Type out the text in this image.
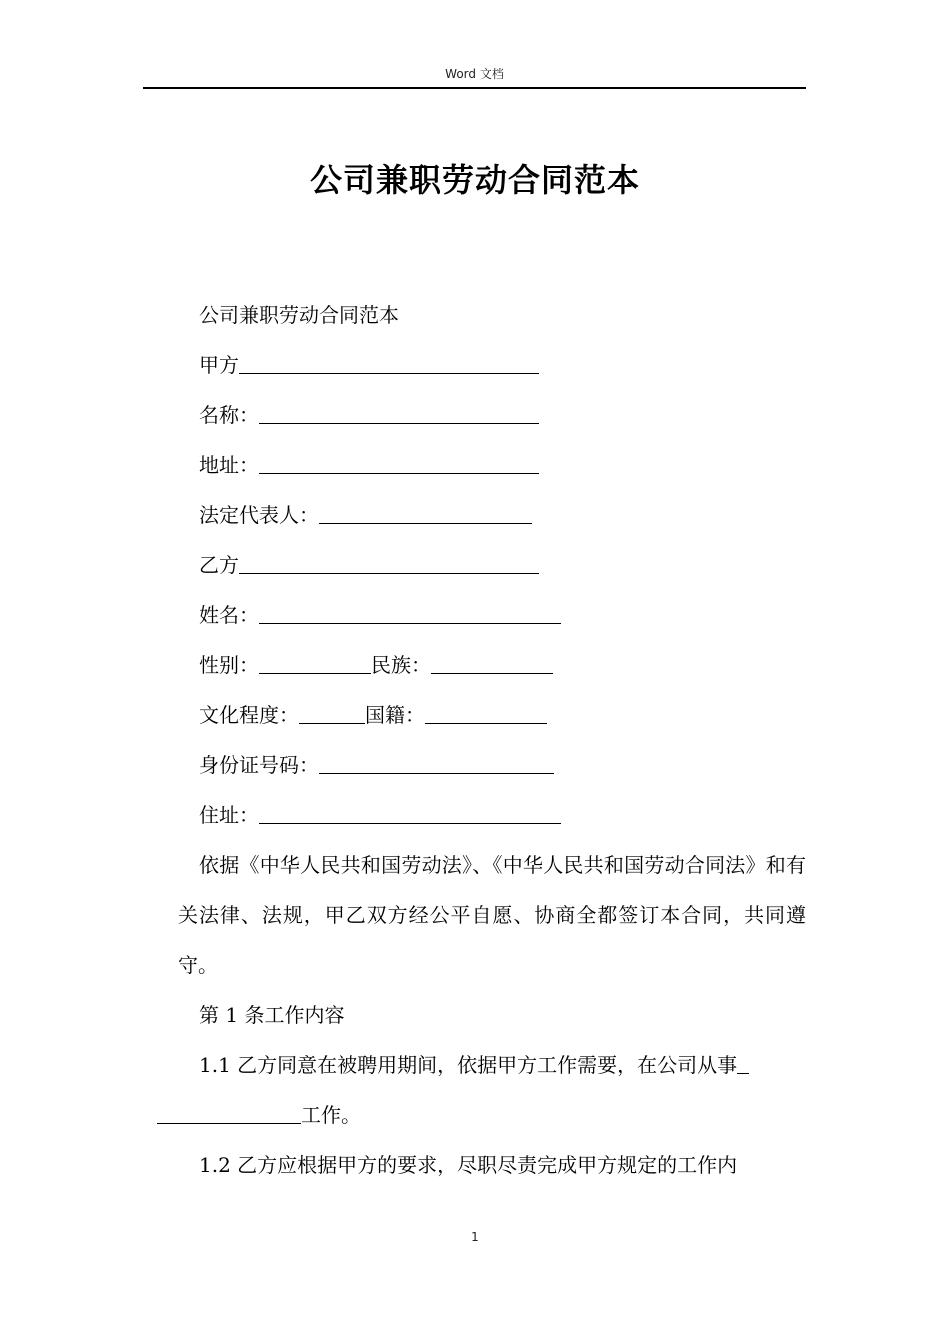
Word 文档
公司兼职劳动合同范本
公司兼职劳动合同范本
甲方
名称：
地址：
法定代表人：
乙方
姓名：
性别：	民族：
文化程度：	国籍：
身份证号码：
住址：
依据《中华人民共和国劳动法》、《中华人民共和国劳动合同法》和有关法律、法规，甲乙双方经公平自愿、协商全都签订本合同，共同遵守。
第 1 条工作内容
1.1 乙方同意在被聘用期间，依据甲方工作需要，在公司从事
工作。
1.2 乙方应根据甲方的要求，尽职尽责完成甲方规定的工作内
1
